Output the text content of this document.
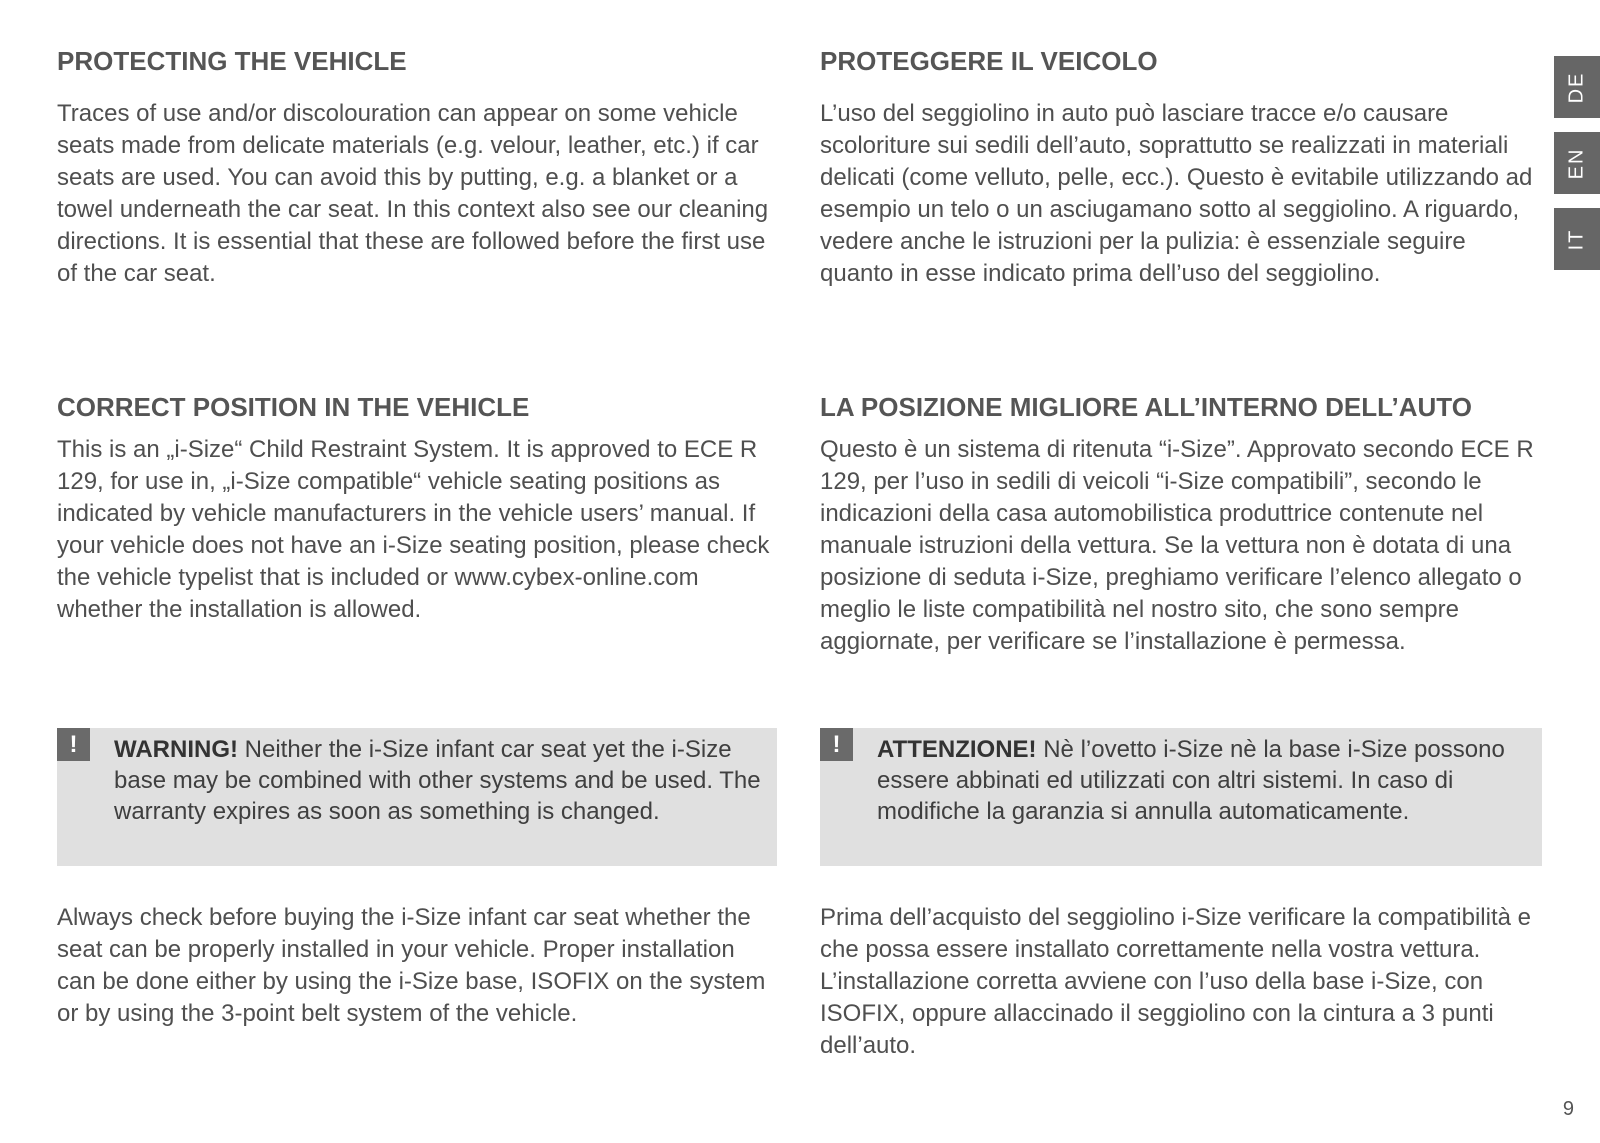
PROTECTING THE VEHICLE

Traces of use and/or discolouration can appear on some vehicle seats made from delicate materials (e.g. velour, leather, etc.) if car seats are used. You can avoid this by putting, e.g. a blanket or a towel underneath the car seat. In this context also see our cleaning directions. It is essential that these are followed before the first use of the car seat.

CORRECT POSITION IN THE VEHICLE

This is an „i-Size“ Child Restraint System. It is approved to ECE R 129, for use in, „i-Size compatible“ vehicle seating positions as indicated by vehicle manufacturers in the vehicle users’ manual. If your vehicle does not have an i-Size seating position, please check the vehicle typelist that is included or www.cybex-online.com whether the installation is allowed.

!	WARNING! Neither the i-Size infant car seat yet the i-Size base may be combined with other systems and be used. The warranty expires as soon as something is changed.

Always check before buying the i-Size infant car seat whether the seat can be properly installed in your vehicle. Proper installation can be done either by using the i-Size base, ISOFIX on the system or by using the 3-point belt system of the vehicle.

PROTEGGERE IL VEICOLO

L’uso del seggiolino in auto può lasciare tracce e/o causare scoloriture sui sedili dell’auto, soprattutto se realizzati in materiali delicati (come velluto, pelle, ecc.). Questo è evitabile utilizzando ad esempio un telo o un asciugamano sotto al seggiolino. A riguardo, vedere anche le istruzioni per la pulizia: è essenziale seguire quanto in esse indicato prima dell’uso del seggiolino.

LA POSIZIONE MIGLIORE ALL’INTERNO DELL’AUTO

Questo è un sistema di ritenuta “i-Size”. Approvato secondo ECE R 129, per l’uso in sedili di veicoli “i-Size compatibili”, secondo le indicazioni della casa automobilistica produttrice contenute nel manuale istruzioni della vettura. Se la vettura non è dotata di una posizione di seduta i-Size, preghiamo verificare l’elenco allegato o meglio le liste compatibilità nel nostro sito, che sono sempre aggiornate, per verificare se l’installazione è permessa.

!	ATTENZIONE! Nè l’ovetto i-Size nè la base i-Size possono essere abbinati ed utilizzati con altri sistemi. In caso di modifiche la garanzia si annulla automaticamente.

Prima dell’acquisto del seggiolino i-Size verificare la compatibilità e che possa essere installato correttamente nella vostra vettura. L’installazione corretta avviene con l’uso della base i-Size, con ISOFIX, oppure allaccinado il seggiolino con la cintura a 3 punti dell’auto.

DE
EN
IT
9
